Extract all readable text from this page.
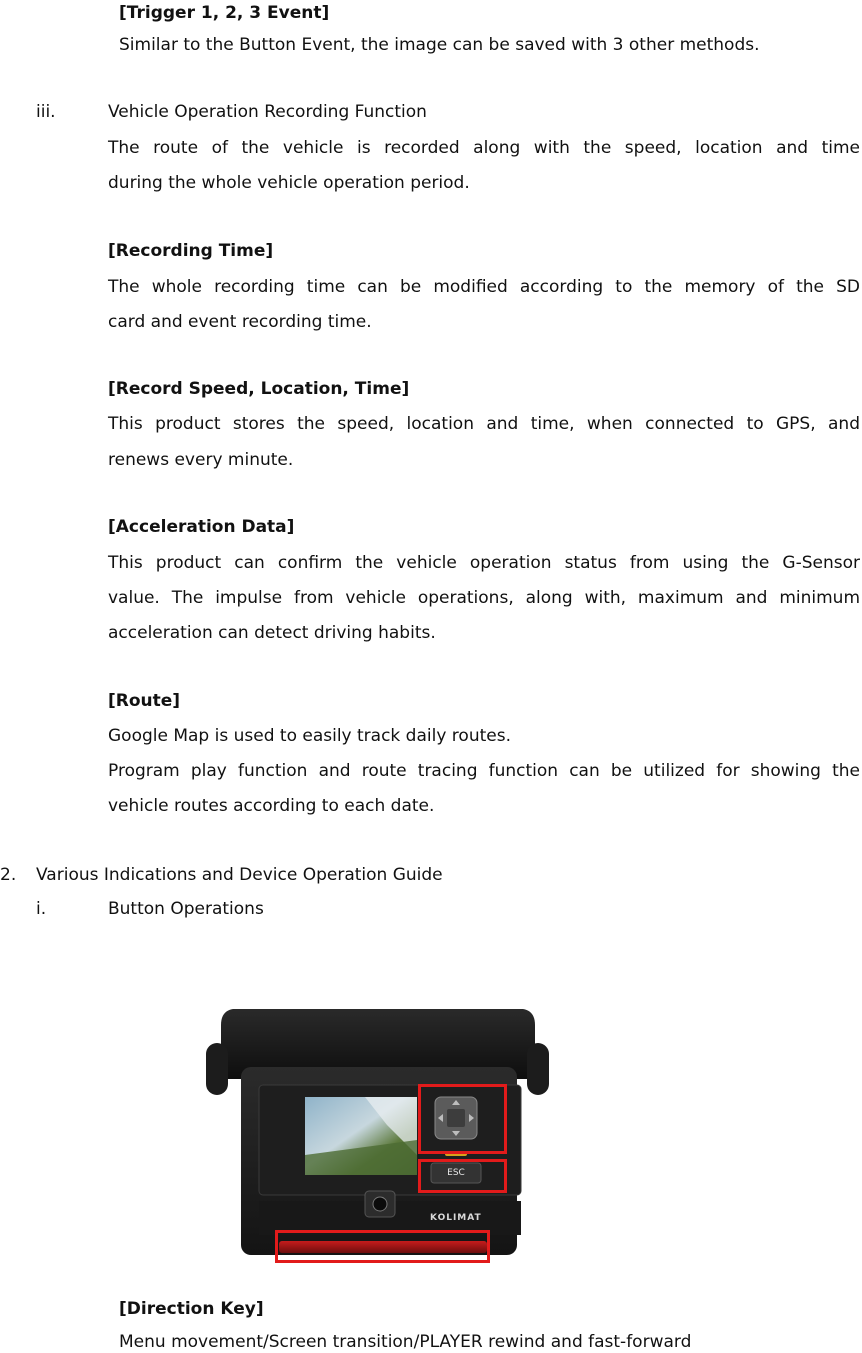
[Trigger 1, 2, 3 Event]
Similar to the Button Event, the image can be saved with 3 other methods.
iii.	Vehicle Operation Recording Function
The route of the vehicle is recorded along with the speed, location and time
during the whole vehicle operation period.
[Recording Time]
The whole recording time can be modified according to the memory of the SD
card and event recording time.
[Record Speed, Location, Time]
This product stores the speed, location and time, when connected to GPS, and
renews every minute.
[Acceleration Data]
This product can confirm the vehicle operation status from using the G-Sensor
value. The impulse from vehicle operations, along with, maximum and minimum
acceleration can detect driving habits.
[Route]
Google Map is used to easily track daily routes.
Program play function and route tracing function can be utilized for showing the
vehicle routes according to each date.
2. Various Indications and Device Operation Guide
i.	Button Operations
ESC
KOLIMAT
[Direction Key]
Menu movement/Screen transition/PLAYER rewind and fast-forward
